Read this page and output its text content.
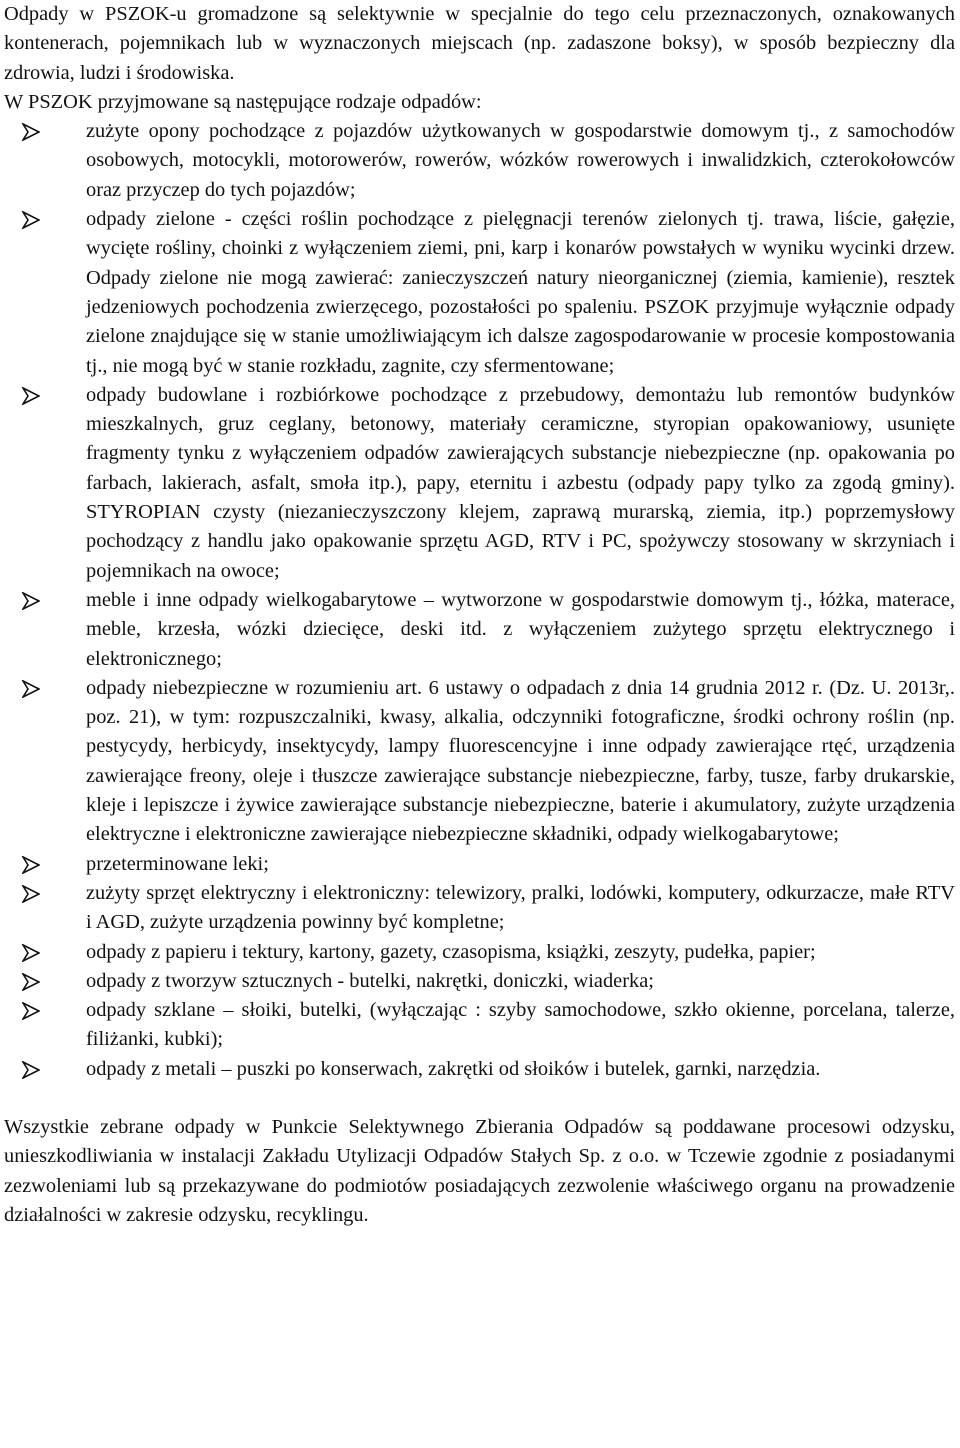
Odpady w PSZOK-u gromadzone są selektywnie w specjalnie do tego celu przeznaczonych, oznakowanych kontenerach, pojemnikach lub w wyznaczonych miejscach (np. zadaszone boksy), w sposób bezpieczny dla zdrowia, ludzi i środowiska.

W PSZOK przyjmowane są następujące rodzaje odpadów:

zużyte opony pochodzące z pojazdów użytkowanych w gospodarstwie domowym tj., z samochodów osobowych, motocykli, motorowerów, rowerów, wózków rowerowych i inwalidzkich, czterokołowców oraz przyczep do tych pojazdów;
odpady zielone - części roślin pochodzące z pielęgnacji terenów zielonych tj. trawa, liście, gałęzie, wycięte rośliny, choinki z wyłączeniem ziemi, pni, karp i konarów powstałych w wyniku wycinki drzew. Odpady zielone nie mogą zawierać: zanieczyszczeń natury nieorganicznej (ziemia, kamienie), resztek jedzeniowych pochodzenia zwierzęcego, pozostałości po spaleniu. PSZOK przyjmuje wyłącznie odpady zielone znajdujące się w stanie umożliwiającym ich dalsze zagospodarowanie w procesie kompostowania tj., nie mogą być w stanie rozkładu, zagnite, czy sfermentowane;
odpady budowlane i rozbiórkowe pochodzące z przebudowy, demontażu lub remontów budynków mieszkalnych, gruz ceglany, betonowy, materiały ceramiczne, styropian opakowaniowy, usunięte fragmenty tynku z wyłączeniem odpadów zawierających substancje niebezpieczne (np. opakowania po farbach, lakierach, asfalt, smoła itp.), papy, eternitu i azbestu (odpady papy tylko za zgodą gminy). STYROPIAN czysty (niezanieczyszczony klejem, zaprawą murarską, ziemia, itp.) poprzemysłowy pochodzący z handlu jako opakowanie sprzętu AGD, RTV i PC, spożywczy stosowany w skrzyniach i pojemnikach na owoce;
meble i inne odpady wielkogabarytowe – wytworzone w gospodarstwie domowym tj., łóżka, materace, meble, krzesła, wózki dziecięce, deski itd. z wyłączeniem zużytego sprzętu elektrycznego i elektronicznego;
odpady niebezpieczne w rozumieniu art. 6 ustawy o odpadach z dnia 14 grudnia 2012 r. (Dz. U. 2013r,. poz. 21), w tym: rozpuszczalniki, kwasy, alkalia, odczynniki fotograficzne, środki ochrony roślin (np. pestycydy, herbicydy, insektycydy, lampy fluorescencyjne i inne odpady zawierające rtęć, urządzenia zawierające freony, oleje i tłuszcze zawierające substancje niebezpieczne, farby, tusze, farby drukarskie, kleje i lepiszcze i żywice zawierające substancje niebezpieczne, baterie i akumulatory, zużyte urządzenia elektryczne i elektroniczne zawierające niebezpieczne składniki, odpady wielkogabarytowe;
przeterminowane leki;
zużyty sprzęt elektryczny i elektroniczny: telewizory, pralki, lodówki, komputery, odkurzacze, małe RTV i AGD, zużyte urządzenia powinny być kompletne;
odpady z papieru i tektury, kartony, gazety, czasopisma, książki, zeszyty, pudełka, papier;
odpady z tworzyw sztucznych - butelki, nakrętki, doniczki, wiaderka;
odpady szklane – słoiki, butelki, (wyłączając : szyby samochodowe, szkło okienne, porcelana, talerze, filiżanki, kubki);
odpady z metali – puszki po konserwach, zakrętki od słoików i butelek, garnki, narzędzia.

Wszystkie zebrane odpady w Punkcie Selektywnego Zbierania Odpadów są poddawane procesowi odzysku, unieszkodliwiania w instalacji Zakładu Utylizacji Odpadów Stałych Sp. z o.o. w Tczewie zgodnie z posiadanymi zezwoleniami lub są przekazywane do podmiotów posiadających zezwolenie właściwego organu na prowadzenie działalności w zakresie odzysku, recyklingu.
